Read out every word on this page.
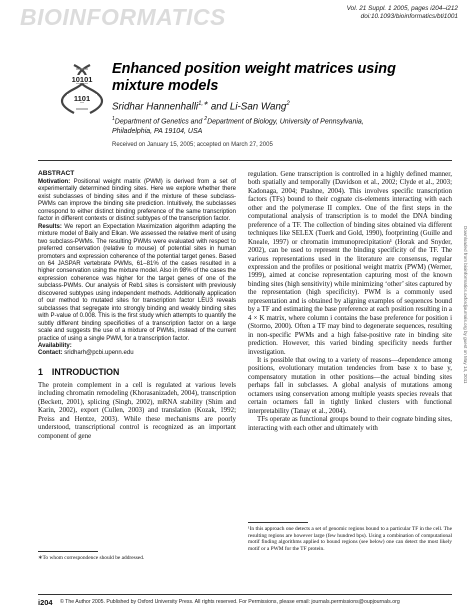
BIOINFORMATICS	Vol. 21 Suppl. 1 2005, pages i204–i212
doi:10.1093/bioinformatics/bti1001
10101
1101
Enhanced position weight matrices using
mixture models
Sridhar Hannenhalli$^{1,∗}$ and Li-San Wang$^2$
$^1$Department of Genetics and $^2$Department of Biology, University of Pennsylvania,
Philadelphia, PA 19104, USA
Received on January 15, 2005; accepted on March 27, 2005
ABSTRACT

Motivation: Positional weight matrix (PWM) is derived from a set of experimentally determined binding sites. Here we explore whether there exist subclasses of binding sites and if the mixture of these subclass-PWMs can improve the binding site prediction. Intuitively, the subclasses correspond to either distinct binding preference of the same transcription factor in different contexts or distinct subtypes of the transcription factor.

Results: We report an Expectation Maximization algorithm adapting the mixture model of Baily and Elkan. We assessed the relative merit of using two subclass-PWMs. The resulting PWMs were evaluated with respect to preferred conservation (relative to mouse) of potential sites in human promoters and expression coherence of the potential target genes. Based on 64 JASPAR vertebrate PWMs, 61–81% of the cases resulted in a higher conservation using the mixture model. Also in 98% of the cases the expression coherence was higher for the target genes of one of the subclass-PWMs. Our analysis of Reb1 sites is consistent with previously discovered subtypes using independent methods. Additionally application of our method to mutated sites for transcription factor LEU3 reveals subclasses that segregate into strongly binding and weakly binding sites with P-value of 0.008. This is the first study which attempts to quantify the subtly different binding specificities of a transcription factor on a large scale and suggests the use of a mixture of PWMs, instead of the current practice of using a single PWM, for a transcription factor.

Availability:

Contact: sridharh@pcbi.upenn.edu

1 INTRODUCTION

The protein complement in a cell is regulated at various levels including chromatin remodeling (Khorasanizadeh, 2004), transcription (Beckett, 2001), splicing (Singh, 2002), mRNA stability (Shim and Karin, 2002), export (Cullen, 2003) and translation (Kozak, 1992; Preiss and Hentze, 2003). While these mechanisms are poorly understood, transcriptional control is recognized as an important component of gene

regulation. Gene transcription is controlled in a highly defined manner, both spatially and temporally (Davidson et al., 2002; Clyde et al., 2003; Kadonaga, 2004; Ptashne, 2004). This involves specific transcription factors (TFs) bound to their cognate cis-elements interacting with each other and the polymerase II complex. One of the first steps in the computational analysis of transcription is to model the DNA binding preference of a TF. The collection of binding sites obtained via different techniques like SELEX (Tuerk and Gold, 1990), footprinting (Guille and Kneale, 1997) or chromatin immunoprecipitation¹ (Horak and Snyder, 2002), can be used to represent the binding specificity of the TF. The various representations used in the literature are consensus, regular expression and the profiles or positional weight matrix (PWM) (Werner, 1999), aimed at concise representation capturing most of the known binding sites (high sensitivity) while minimizing ‘other’ sites captured by the representation (high specificity). PWM is a commonly used representation and is obtained by aligning examples of sequences bound by a TF and estimating the base preference at each position resulting in a 4 × K matrix, where column i contains the base preference for position i (Stormo, 2000). Often a TF may bind to degenerate sequences, resulting in non-specific PWMs and a high false-positive rate in binding site prediction. However, this varied binding specificity needs further investigation.

It is possible that owing to a variety of reasons—dependence among positions, evolutionary mutation tendencies from base x to base y, compensatory mutation in other positions—the actual binding sites perhaps fall in subclasses. A global analysis of mutations among octamers using conservation among multiple yeasts species reveals that certain octamers fall in tightly linked clusters with functional interpretability (Tanay et al., 2004).

TFs operate as functional groups bound to their cognate binding sites, interacting with each other and ultimately with

∗To whom correspondence should be addressed.

¹In this approach one detects a set of genomic regions bound to a particular TF in the cell. The resulting regions are however large (few hundred bps). Using a combination of computational motif finding algorithms applied to bound regions (see below) one can detect the most likely motif or a PWM for the TF protein.

i204 © The Author 2005. Published by Oxford University Press. All rights reserved. For Permissions, please email: journals.permissions@oupjournals.org
Downloaded from bioinformatics.oxfordjournals.org by guest on May 14, 2011
